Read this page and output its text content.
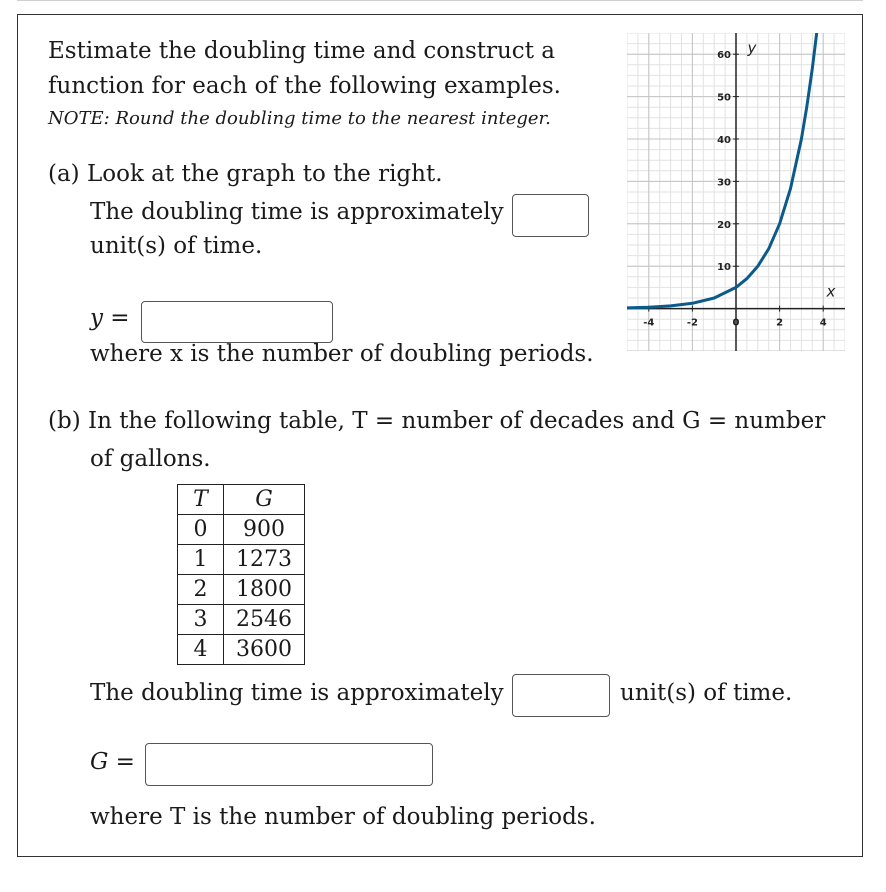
Estimate the doubling time and construct a
function for each of the following examples.
NOTE: Round the doubling time to the nearest integer.
(a) Look at the graph to the right.
The doubling time is approximately
unit(s) of time.
y =
where x is the number of doubling periods.
-4	-2	0	2	4
10
20
30
40
50
60
x
y
(b) In the following table, T = number of decades and G = number
of gallons.
T	G
0	900
1	1273
2	1800
3	2546
4	3600
The doubling time is approximately	unit(s) of time.
G =
where T is the number of doubling periods.
